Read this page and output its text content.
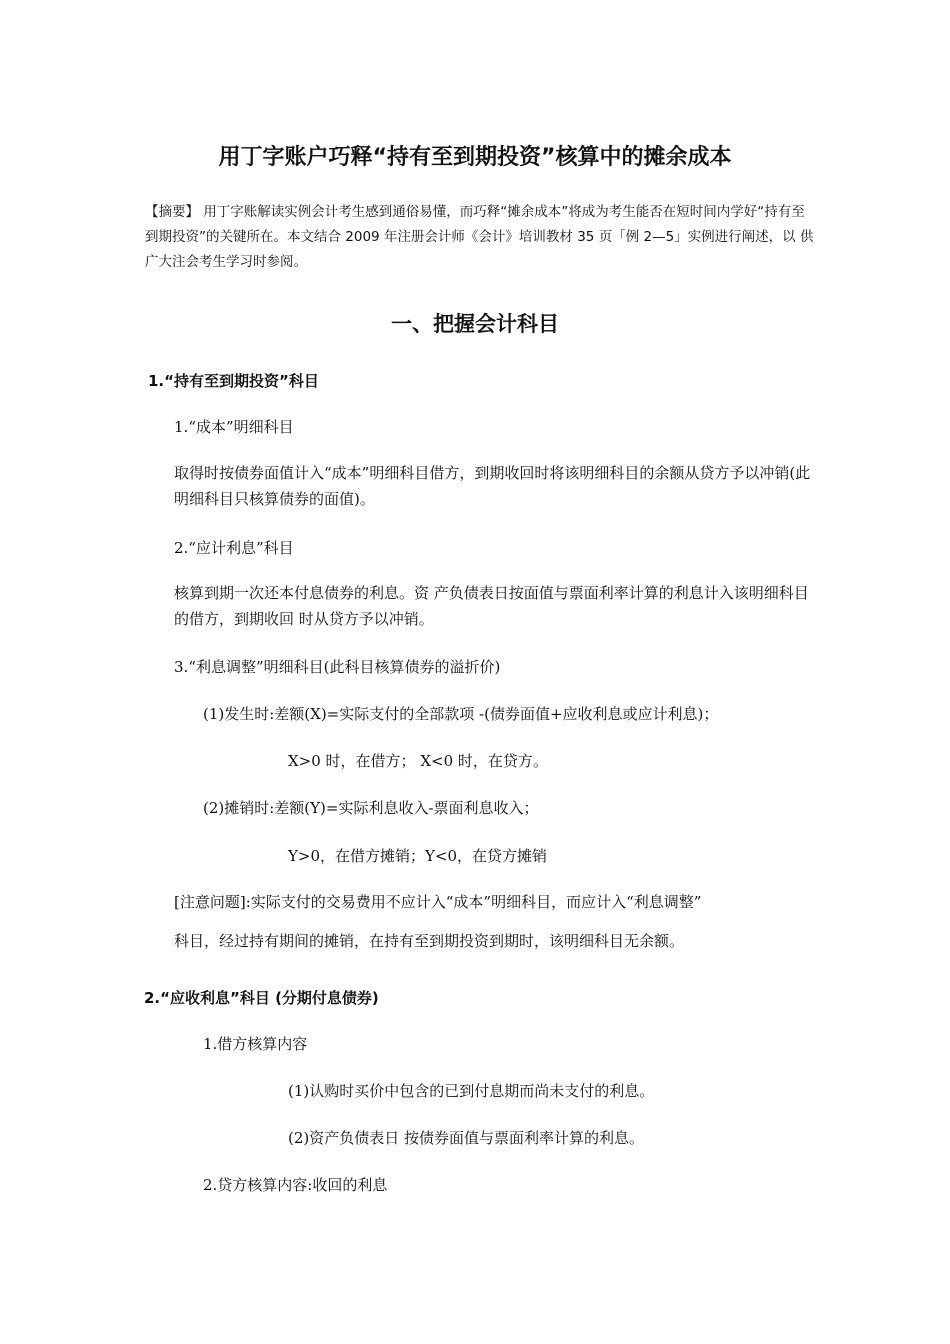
用丁字账户巧释“持有至到期投资”核算中的摊余成本
【摘要】 用丁字账解读实例会计考生感到通俗易懂，而巧释“摊余成本”将成为考生能否在短时间内学好“持有至到期投资”的关键所在。本文结合 2009 年注册会计师《会计》培训教材 35 页「例 2—5」实例进行阐述，以 供广大注会考生学习时参阅。
一、把握会计科目
1.“持有至到期投资”科目
1.“成本”明细科目
取得时按债券面值计入“成本”明细科目借方，到期收回时将该明细科目的余额从贷方予以冲销(此明细科目只核算债券的面值)。
2.“应计利息”科目
核算到期一次还本付息债券的利息。资 产负债表日按面值与票面利率计算的利息计入该明细科目的借方，到期收回 时从贷方予以冲销。
3.“利息调整”明细科目(此科目核算债券的溢折价)
(1)发生时:差额(X)=实际支付的全部款项 -(债券面值+应收利息或应计利息)；
X>0 时，在借方； X<0 时，在贷方。
(2)摊销时:差额(Y)=实际利息收入-票面利息收入；
Y>0，在借方摊销；Y<0，在贷方摊销
[注意问题]:实际支付的交易费用不应计入“成本”明细科目，而应计入“利息调整”
科目，经过持有期间的摊销，在持有至到期投资到期时，该明细科目无余额。
2.“应收利息”科目 (分期付息债券)
1.借方核算内容
(1)认购时买价中包含的已到付息期而尚未支付的利息。
(2)资产负债表日 按债券面值与票面利率计算的利息。
2.贷方核算内容:收回的利息
